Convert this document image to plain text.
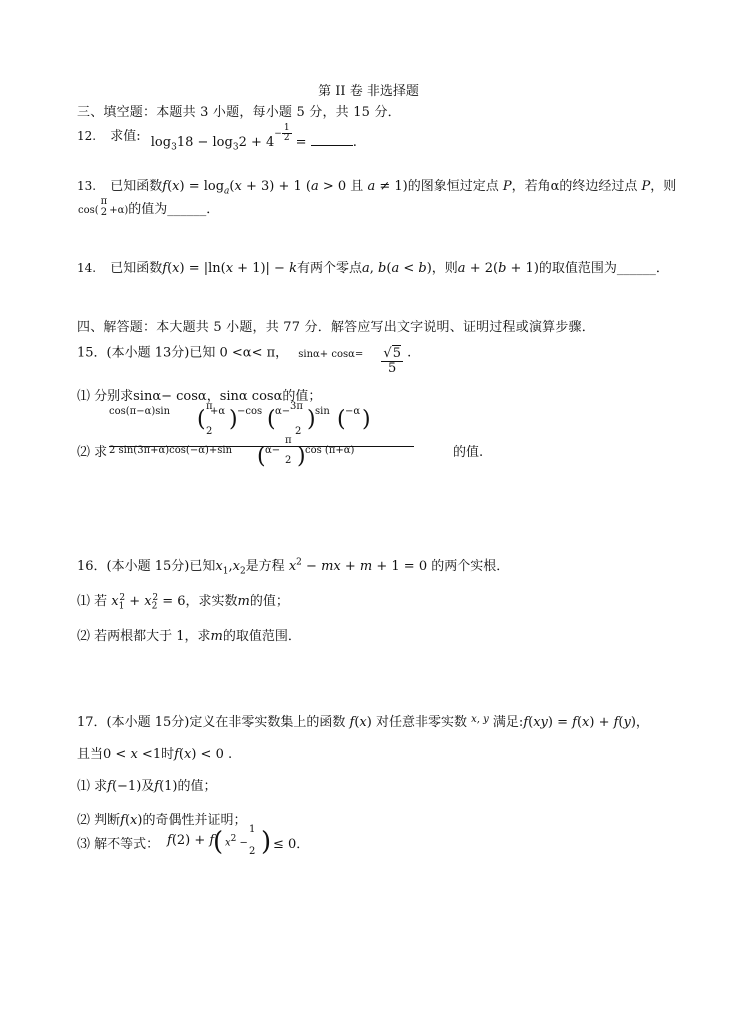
第 II 卷 非选择题
三、填空题：本题共 3 小题，每小题 5 分，共 15 分．
12. 求值: $\log_318 - \log_32 + 4^{- \frac{1}{2}}$ =	.
13. 已知函数$f(x) = \log_a(x + 3) + 1$ (a > 0 且 a ≠ 1)的图象恒过定点 P，若角α的终边经过点 P，则
cos(
π
2 +α)的值为______．
14. 已知函数f(x) = |ln(x + 1)| − k有两个零点a, b(a < b)，则a + 2(b + 1)的取值范围为______．
四、解答题：本大题共 5 小题，共 77 分．解答应写出文字说明、证明过程或演算步骤．
15．(本小题 13分)已知 0 <α< π， $\sin\alpha+ \cos\alpha= \frac{√5}{5}$ .
⑴ 分别求sinα− cosα，sinα cosα的值；
⑵ 求
cos(π−α)sin (
π
+α
2 ) −cos ( α− 3π
2 ) sin ( −α )
2 sin(3π+α)cos(−α)+sin ( α−
π
2 ) cos (π+α)	的值.
16．(本小题 15分)已知$x_1,x_2$是方程 $x^2$ − mx + m + 1 = 0 的两个实根．
⑴ 若 $x_1^2 + x_2^2 = 6$，求实数m的值；
⑵ 若两根都大于 1，求m的取值范围．
17．(本小题 15分)定义在非零实数集上的函数 f(x) 对任意非零实数 $^{x, y}$ 满足:f(xy) = f(x) + f(y)，
且当0 < x <1时f(x) < 0 .
⑴ 求f(−1)及f(1)的值；
⑵ 判断f(x)的奇偶性并证明；
⑶ 解不等式： f(2) + f
( $x^2$ −
1
2 ) ≤ 0．
